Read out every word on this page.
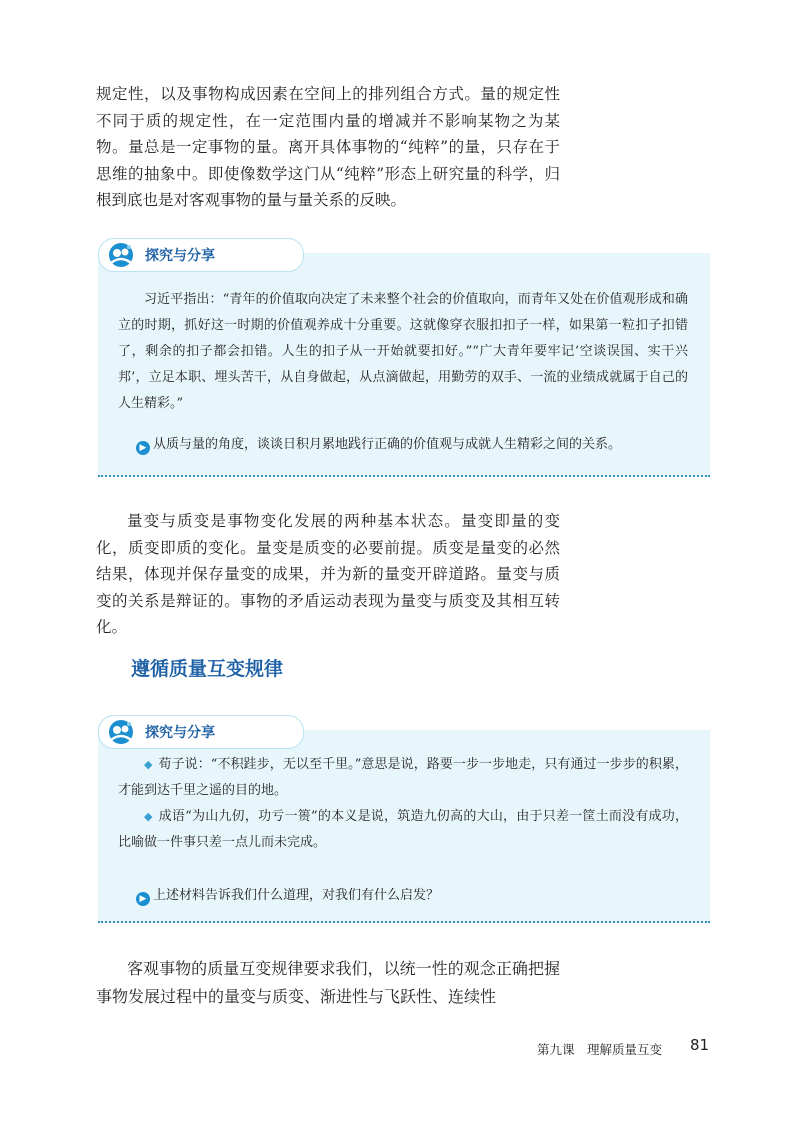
规定性，以及事物构成因素在空间上的排列组合方式。量的规定性不同于质的规定性，在一定范围内量的增减并不影响某物之为某物。量总是一定事物的量。离开具体事物的“纯粹”的量，只存在于思维的抽象中。即使像数学这门从“纯粹”形态上研究量的科学，归根到底也是对客观事物的量与量关系的反映。

探究与分享

习近平指出：“青年的价值取向决定了未来整个社会的价值取向，而青年又处在价值观形成和确立的时期，抓好这一时期的价值观养成十分重要。这就像穿衣服扣扣子一样，如果第一粒扣子扣错了，剩余的扣子都会扣错。人生的扣子从一开始就要扣好。”“广大青年要牢记‘空谈误国、实干兴邦’，立足本职、埋头苦干，从自身做起，从点滴做起，用勤劳的双手、一流的业绩成就属于自己的人生精彩。”

▶ 从质与量的角度，谈谈日积月累地践行正确的价值观与成就人生精彩之间的关系。

量变与质变是事物变化发展的两种基本状态。量变即量的变化，质变即质的变化。量变是质变的必要前提。质变是量变的必然结果，体现并保存量变的成果，并为新的量变开辟道路。量变与质变的关系是辩证的。事物的矛盾运动表现为量变与质变及其相互转化。

遵循质量互变规律
探究与分享
◆ 荀子说：“不积跬步，无以至千里。”意思是说，路要一步一步地走，只有通过一步步的积累，才能到达千里之遥的目的地。
◆ 成语“为山九仞，功亏一篑”的本义是说，筑造九仞高的大山，由于只差一筐土而没有成功，比喻做一件事只差一点儿而未完成。
▶ 上述材料告诉我们什么道理，对我们有什么启发？

客观事物的质量互变规律要求我们，以统一性的观念正确把握事物发展过程中的量变与质变、渐进性与飞跃性、连续性

第九课　理解质量互变 81
